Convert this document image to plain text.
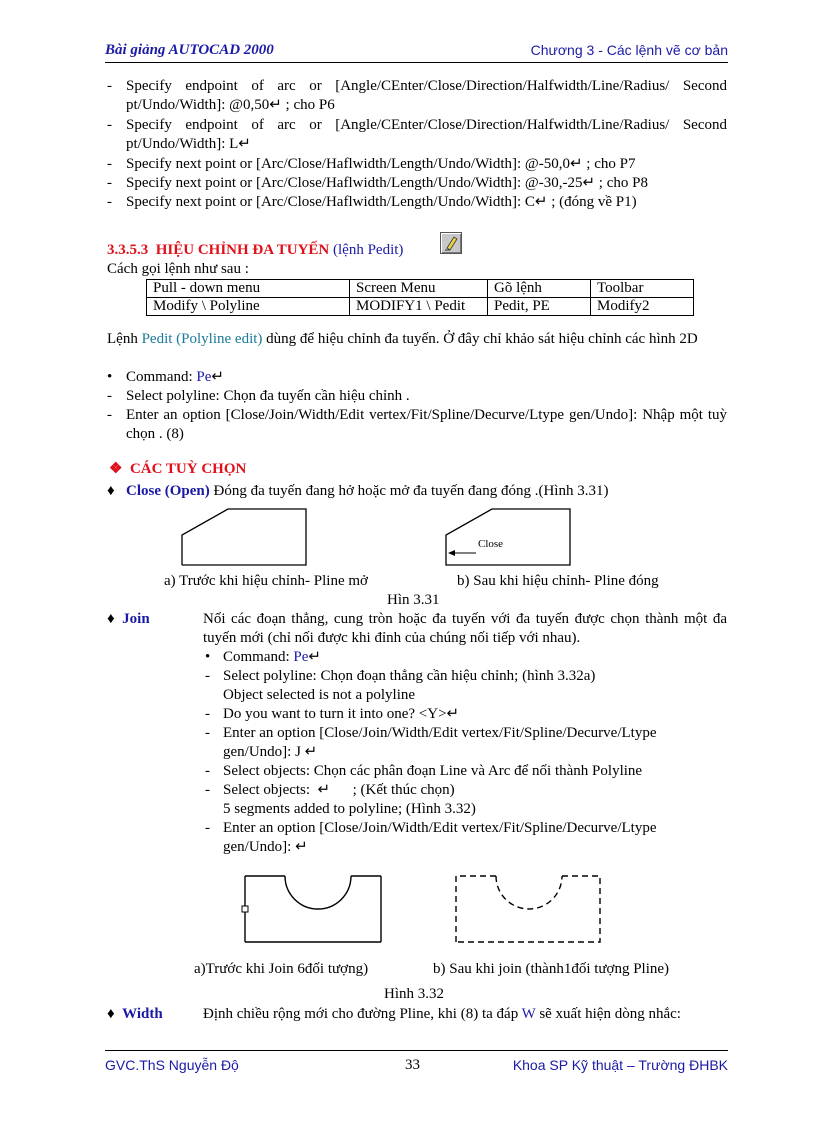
Bài giảng AUTOCAD 2000	Chương 3 - Các lệnh vẽ cơ bản
- Specify endpoint of arc or [Angle/CEnter/Close/Direction/Halfwidth/Line/Radius/ Second pt/Undo/Width]: @0,50↵ ; cho P6
- Specify endpoint of arc or [Angle/CEnter/Close/Direction/Halfwidth/Line/Radius/ Second pt/Undo/Width]: L↵
- Specify next point or [Arc/Close/Haflwidth/Length/Undo/Width]: @-50,0↵ ; cho P7
- Specify next point or [Arc/Close/Haflwidth/Length/Undo/Width]: @-30,-25↵ ; cho P8
- Specify next point or [Arc/Close/Haflwidth/Length/Undo/Width]: C↵ ; (đóng về P1)
3.3.5.3 HIỆU CHỈNH ĐA TUYẾN (lệnh Pedit)
Cách gọi lệnh như sau :
Pull - down menu	Screen Menu	Gõ lệnh	Toolbar
Modify \ Polyline	MODIFY1 \ Pedit	Pedit, PE	Modify2
Lệnh Pedit (Polyline edit) dùng để hiệu chỉnh đa tuyến. Ở đây chỉ khảo sát hiệu chỉnh các hình 2D
• Command: Pe↵
- Select polyline: Chọn đa tuyến cần hiệu chỉnh .
- Enter an option [Close/Join/Width/Edit vertex/Fit/Spline/Decurve/Ltype gen/Undo]: Nhập một tuỳ chọn . (8)
❖ CÁC TUỲ CHỌN
♦ Close (Open) Đóng đa tuyến đang hở hoặc mở đa tuyến đang đóng .(Hình 3.31)
Close
a) Trước khi hiệu chỉnh- Pline mở	b) Sau khi hiệu chỉnh- Pline đóng
Hìn 3.31
♦ Join	Nối các đoạn thẳng, cung tròn hoặc đa tuyến với đa tuyến được chọn thành một đa tuyến mới (chỉ nối được khi đỉnh của chúng nối tiếp với nhau).
• Command: Pe↵
- Select polyline: Chọn đoạn thẳng cần hiệu chỉnh; (hình 3.32a)
Object selected is not a polyline
- Do you want to turn it into one? <Y>↵
- Enter an option [Close/Join/Width/Edit vertex/Fit/Spline/Decurve/Ltype gen/Undo]: J ↵
- Select objects: Chọn các phân đoạn Line và Arc để nối thành Polyline
- Select objects:  ↵      ; (Kết thúc chọn)
5 segments added to polyline; (Hình 3.32)
- Enter an option [Close/Join/Width/Edit vertex/Fit/Spline/Decurve/Ltype gen/Undo]: ↵
a)Trước khi Join 6đối tượng)	b) Sau khi join (thành1đối tượng Pline)
Hình 3.32
♦ Width	Định chiều rộng mới cho đường Pline, khi (8) ta đáp W sẽ xuất hiện dòng nhắc:
GVC.ThS Nguyễn Độ	33	Khoa SP Kỹ thuật – Trường ĐHBK
